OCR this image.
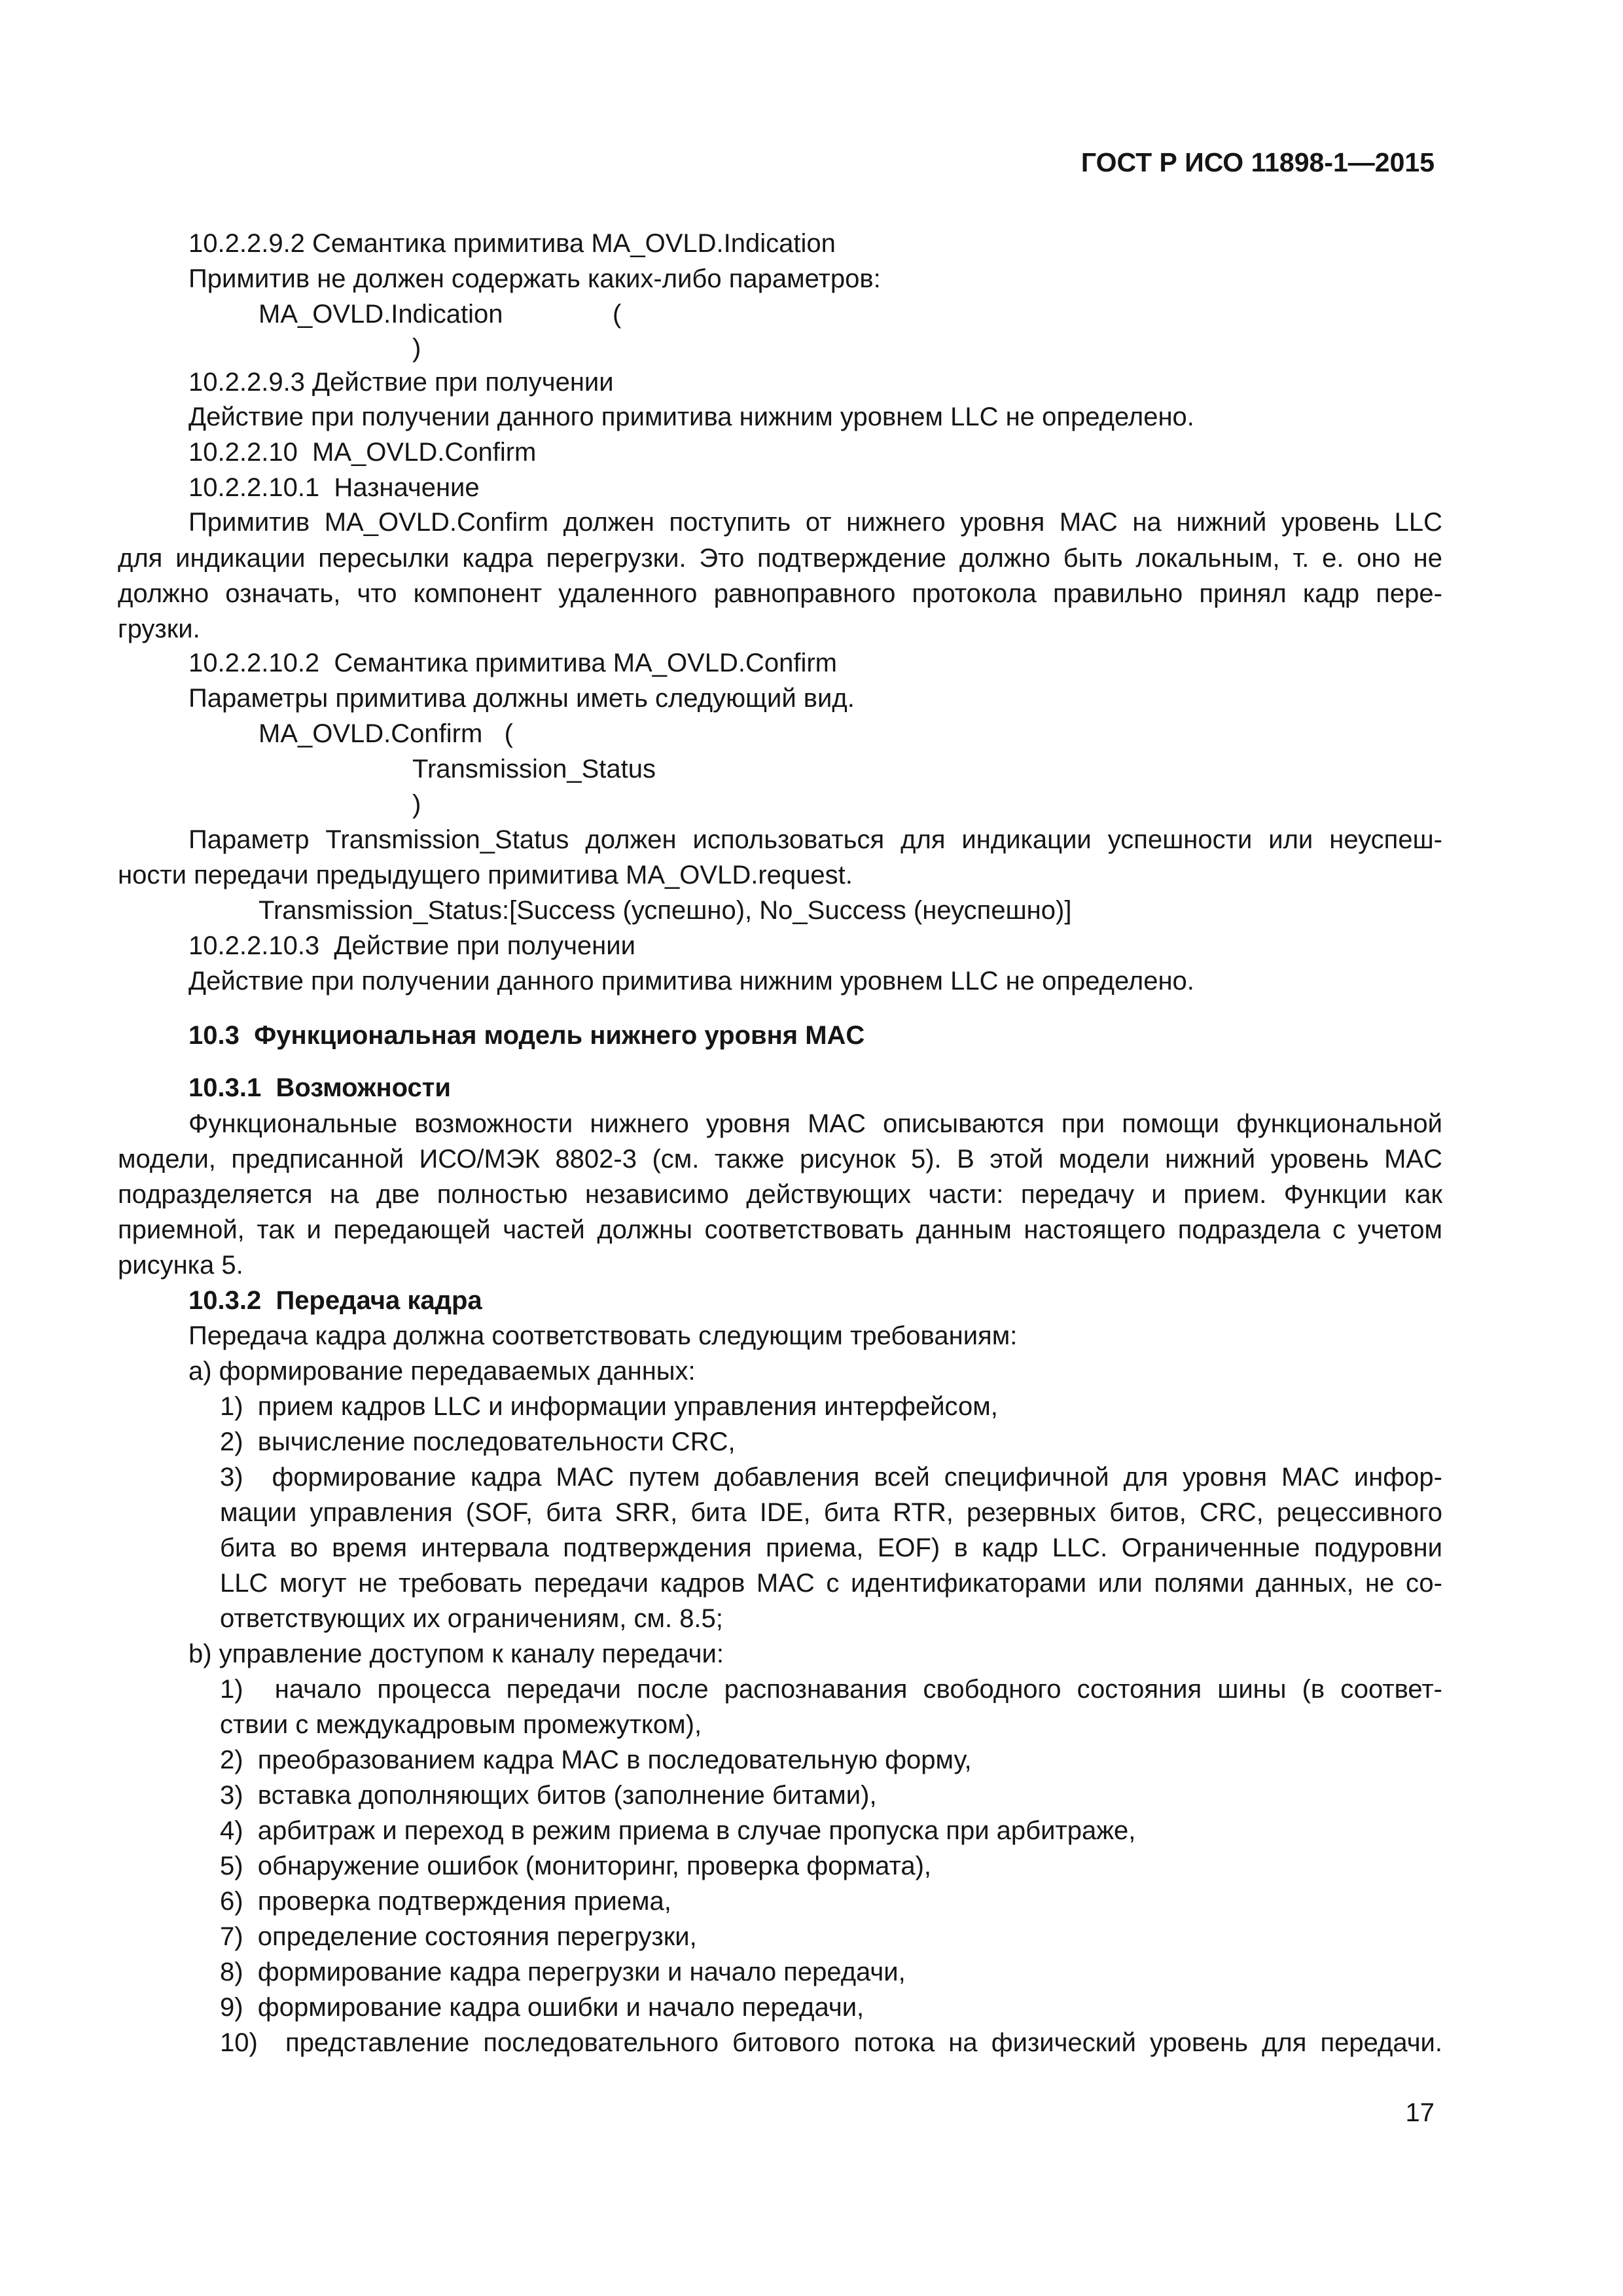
ГОСТ Р ИСО 11898-1—2015
10.2.2.9.2 Семантика примитива MA_OVLD.Indication
Примитив не должен содержать каких-либо параметров:
MA_OVLD.Indication	(
)
10.2.2.9.3 Действие при получении
Действие при получении данного примитива нижним уровнем LLC не определено.
10.2.2.10  MA_OVLD.Confirm
10.2.2.10.1  Назначение
Примитив MA_OVLD.Confirm должен поступить от нижнего уровня MAC на нижний уровень LLC
для индикации пересылки кадра перегрузки. Это подтверждение должно быть локальным, т. е. оно не
должно означать, что компонент удаленного равноправного протокола правильно принял кадр пере-
грузки.
10.2.2.10.2  Семантика примитива MA_OVLD.Confirm
Параметры примитива должны иметь следующий вид.
MA_OVLD.Confirm   (
Transmission_Status
)
Параметр Transmission_Status должен использоваться для индикации успешности или неуспеш-
ности передачи предыдущего примитива MA_OVLD.request.
Transmission_Status:[Success (успешно), No_Success (неуспешно)]
10.2.2.10.3  Действие при получении
Действие при получении данного примитива нижним уровнем LLC не определено.
10.3  Функциональная модель нижнего уровня MAC
10.3.1  Возможности
Функциональные возможности нижнего уровня MAC описываются при помощи функциональной
модели, предписанной ИСО/МЭК 8802-3 (см. также рисунок 5). В этой модели нижний уровень MAC
подразделяется на две полностью независимо действующих части: передачу и прием. Функции как
приемной, так и передающей частей должны соответствовать данным настоящего подраздела с учетом
рисунка 5.
10.3.2  Передача кадра
Передача кадра должна соответствовать следующим требованиям:
a) формирование передаваемых данных:
1)  прием кадров LLC и информации управления интерфейсом,
2)  вычисление последовательности CRC,
3)  формирование кадра MAC путем добавления всей специфичной для уровня MAC инфор-
мации управления (SOF, бита SRR, бита IDE, бита RTR, резервных битов, CRC, рецессивного
бита во время интервала подтверждения приема, EOF) в кадр LLC. Ограниченные подуровни
LLC могут не требовать передачи кадров MAC с идентификаторами или полями данных, не со-
ответствующих их ограничениям, см. 8.5;
b) управление доступом к каналу передачи:
1)  начало процесса передачи после распознавания свободного состояния шины (в соответ-
ствии с междукадровым промежутком),
2)  преобразованием кадра MAC в последовательную форму,
3)  вставка дополняющих битов (заполнение битами),
4)  арбитраж и переход в режим приема в случае пропуска при арбитраже,
5)  обнаружение ошибок (мониторинг, проверка формата),
6)  проверка подтверждения приема,
7)  определение состояния перегрузки,
8)  формирование кадра перегрузки и начало передачи,
9)  формирование кадра ошибки и начало передачи,
10)  представление последовательного битового потока на физический уровень для передачи.
17
